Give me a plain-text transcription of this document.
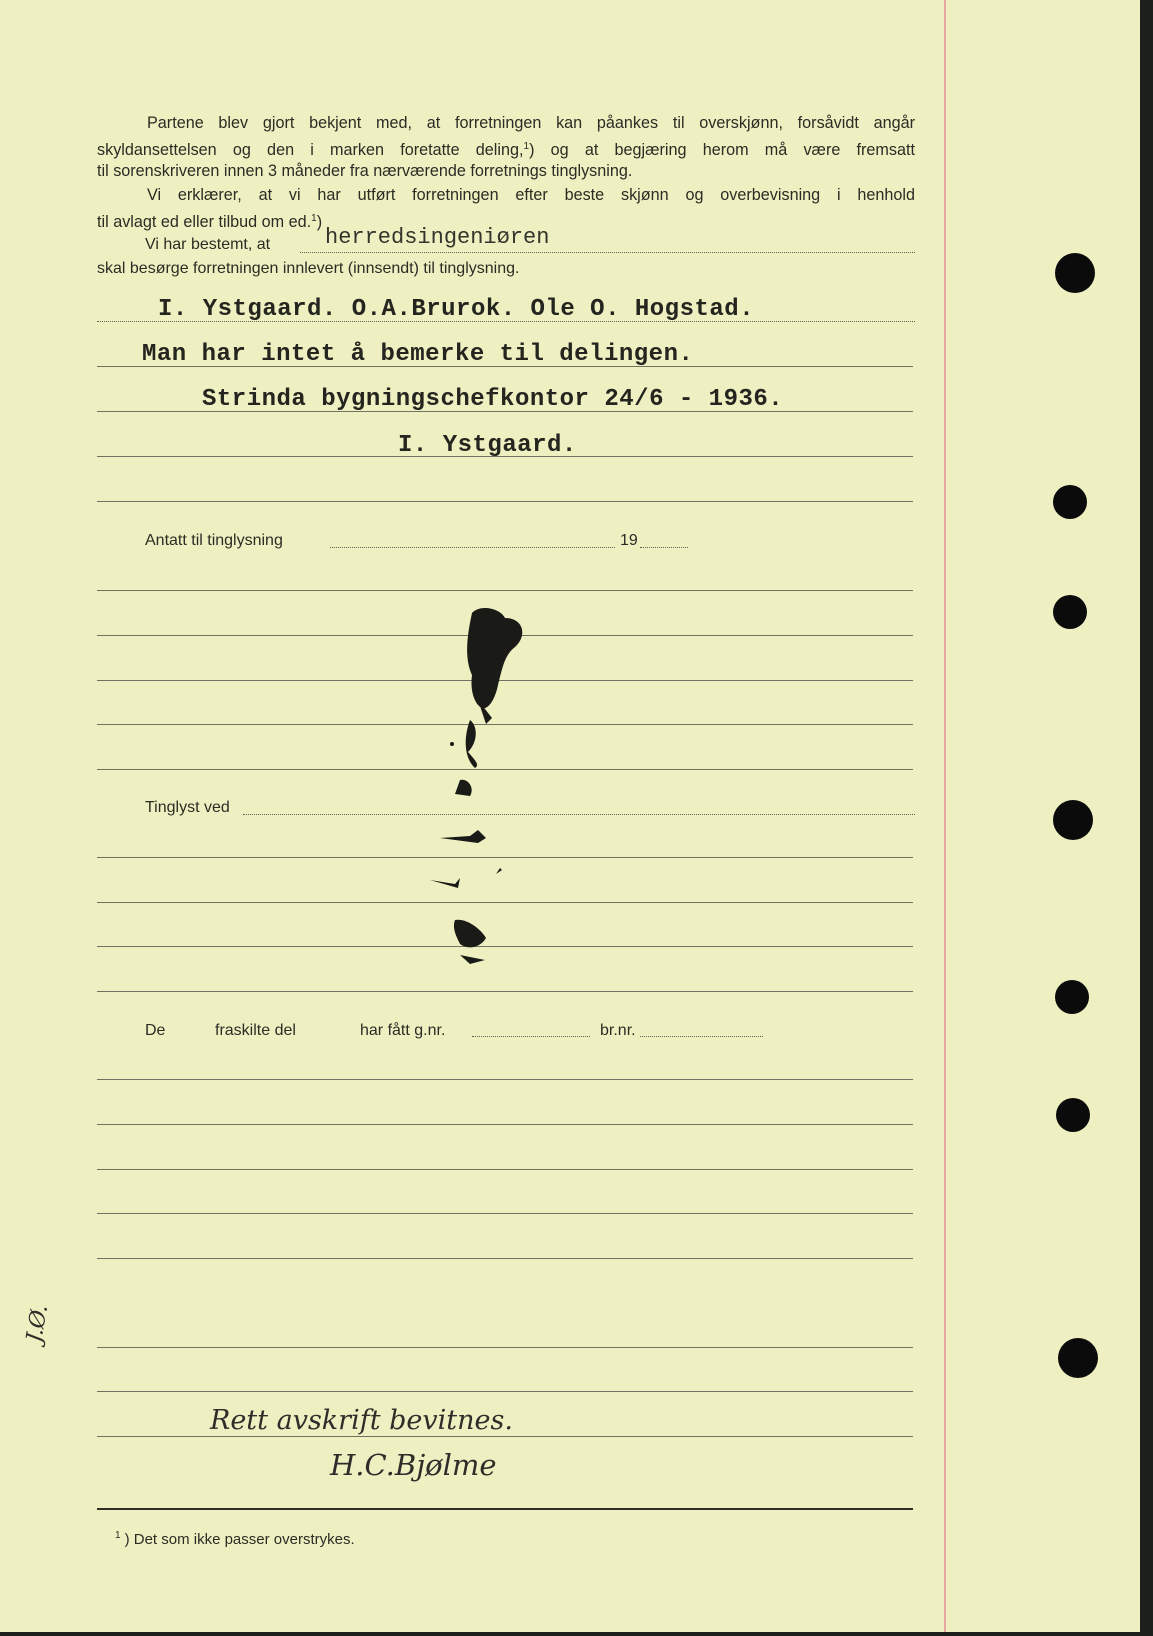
Partene blev gjort bekjent med, at forretningen kan påankes til overskjønn, forsåvidt angår

skyldansettelsen og den i marken foretatte deling,$^1$) og at begjæring herom må være fremsatt

til sorenskriveren innen 3 måneder fra nærværende forretnings tinglysning.

Vi erklærer, at vi har utført forretningen efter beste skjønn og overbevisning i henhold

til avlagt ed eller tilbud om ed.$^1$)

Vi har bestemt, at herredsingeniøren
skal besørge forretningen innlevert (innsendt) til tinglysning.
I. Ystgaard. O.A.Brurok. Ole O. Hogstad.
Man har intet å bemerke til delingen.
Strinda bygningschefkontor 24/6 - 1936.
I. Ystgaard.
Antatt til tinglysning	19
Tinglyst ved
De	fraskilte del	har fått g.nr.	br.nr.
Rett avskrift bevitnes.
H.C.Bjølme
J.Ø.
$^1$ ) Det som ikke passer overstrykes.
